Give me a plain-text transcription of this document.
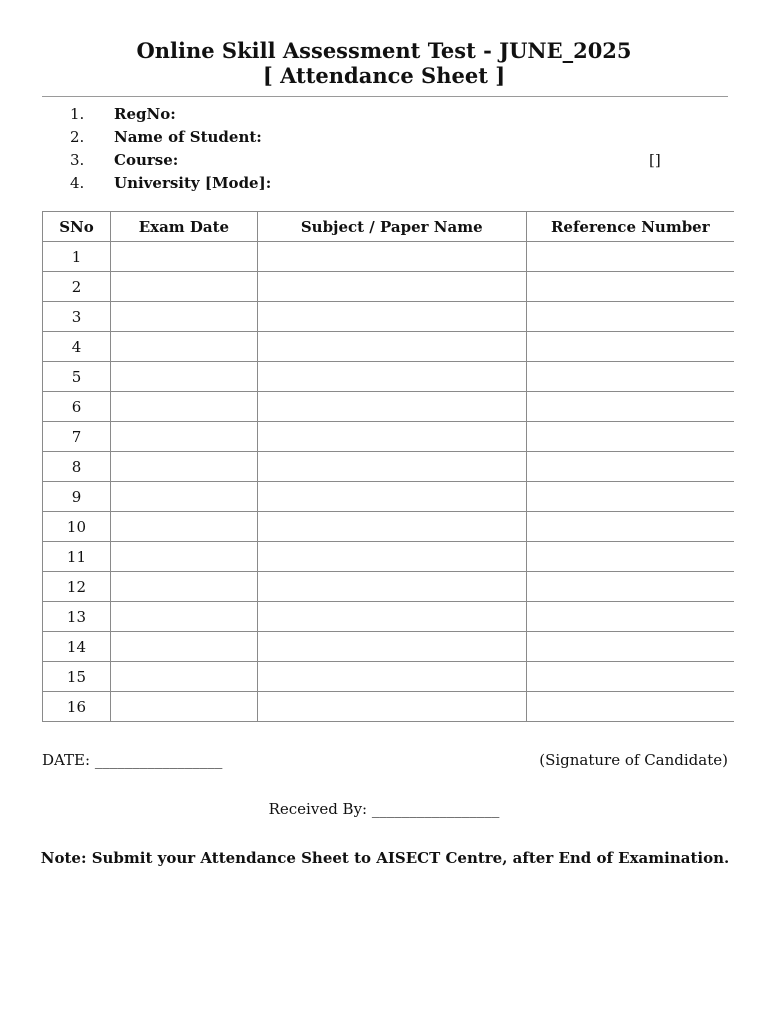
Online Skill Assessment Test - JUNE_2025
[ Attendance Sheet ]
1. RegNo:
2. Name of Student:
3. Course:	[]
4. University [Mode]:
SNo	Exam Date	Subject / Paper Name	Reference Number
1			
2			
3			
4			
5			
6			
7			
8			
9			
10			
11			
12			
13			
14			
15			
16			
DATE: _________________	(Signature of Candidate)
Received By: _________________
Note: Submit your Attendance Sheet to AISECT Centre, after End of Examination.
